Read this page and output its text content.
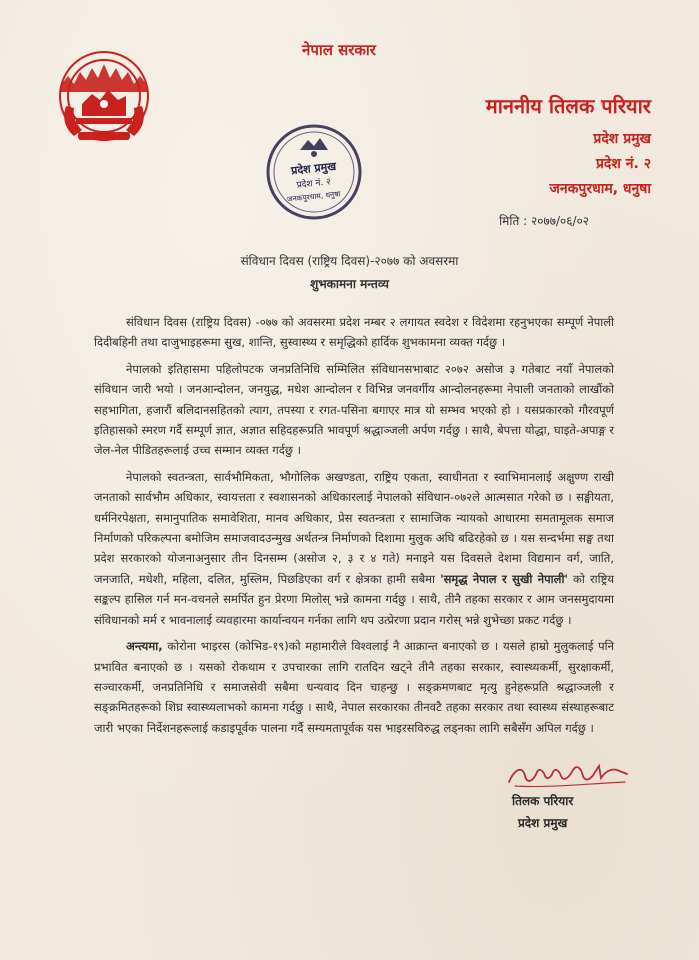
नेपाल सरकार
माननीय तिलक परियार
प्रदेश प्रमुख
प्रदेश नं. २
जनकपुरधाम, धनुषा
प्रदेश प्रमुख
प्रदेश नं. २
जनकपुरधाम, धनुषा
मिति : २०७७/०६/०२
संविधान दिवस (राष्ट्रिय दिवस)-२०७७ को अवसरमा
शुभकामना मन्तव्य

संविधान दिवस (राष्ट्रिय दिवस) -०७७ को अवसरमा प्रदेश नम्बर २ लगायत स्वदेश र विदेशमा रहनुभएका सम्पूर्ण नेपाली दिदीबहिनी तथा दाजुभाइहरूमा सुख, शान्ति, सुस्वास्थ्य र समृद्धिको हार्दिक शुभकामना व्यक्त गर्दछु ।

नेपालको इतिहासमा पहिलोपटक जनप्रतिनिधि सम्मिलित संविधानसभाबाट २०७२ असोज ३ गतेबाट नयाँ नेपालको संविधान जारी भयो । जनआन्दोलन, जनयुद्ध, मधेश आन्दोलन र विभिन्न जनवर्गीय आन्दोलनहरूमा नेपाली जनताको लाखौंको सहभागिता, हजारौं बलिदानसहितको त्याग, तपस्या र रगत-पसिना बगाएर मात्र यो सम्भव भएको हो । यसप्रकारको गौरवपूर्ण इतिहासको स्मरण गर्दै सम्पूर्ण ज्ञात, अज्ञात सहिदहरूप्रति भावपूर्ण श्रद्धाञ्जली अर्पण गर्दछु । साथै, बेपत्ता योद्धा, घाइते-अपाङ्ग र जेल-नेल पीडितहरूलाई उच्च सम्मान व्यक्त गर्दछु ।

नेपालको स्वतन्त्रता, सार्वभौमिकता, भौगोलिक अखण्डता, राष्ट्रिय एकता, स्वाधीनता र स्वाभिमानलाई अक्षुण्ण राखी जनताको सार्वभौम अधिकार, स्वायत्तता र स्वशासनको अधिकारलाई नेपालको संविधान-०७२ले आत्मसात गरेको छ । सङ्घीयता, धर्मनिरपेक्षता, समानुपातिक समावेशिता, मानव अधिकार, प्रेस स्वतन्त्रता र सामाजिक न्यायको आधारमा समतामूलक समाज निर्माणको परिकल्पना बमोजिम समाजवादउन्मुख अर्थतन्त्र निर्माणको दिशामा मुलुक अघि बढिरहेको छ । यस सन्दर्भमा सङ्घ तथा प्रदेश सरकारको योजनाअनुसार तीन दिनसम्म (असोज २, ३ र ४ गते) मनाइने यस दिवसले देशमा विद्यमान वर्ग, जाति, जनजाति, मधेशी, महिला, दलित, मुस्लिम, पिछडिएका वर्ग र क्षेत्रका हामी सबैमा 'समृद्ध नेपाल र सुखी नेपाली' को राष्ट्रिय सङ्कल्प हासिल गर्न मन-वचनले समर्पित हुन प्रेरणा मिलोस् भन्ने कामना गर्दछु । साथै, तीनै तहका सरकार र आम जनसमुदायमा संविधानको मर्म र भावनालाई व्यवहारमा कार्यान्वयन गर्नका लागि थप उत्प्रेरणा प्रदान गरोस् भन्ने शुभेच्छा प्रकट गर्दछु ।

अन्त्यमा, कोरोना भाइरस (कोभिड-१९)को महामारीले विश्वलाई नै आक्रान्त बनाएको छ । यसले हाम्रो मुलुकलाई पनि प्रभावित बनाएको छ । यसको रोकथाम र उपचारका लागि रातदिन खट्ने तीनै तहका सरकार, स्वास्थ्यकर्मी, सुरक्षाकर्मी, सञ्चारकर्मी, जनप्रतिनिधि र समाजसेवी सबैमा धन्यवाद दिन चाहन्छु । सङ्क्रमणबाट मृत्यु हुनेहरूप्रति श्रद्धाञ्जली र सङ्क्रमितहरूको शिघ्र स्वास्थ्यलाभको कामना गर्दछु । साथै, नेपाल सरकारका तीनवटै तहका सरकार तथा स्वास्थ्य संस्थाहरूबाट जारी भएका निर्देशनहरूलाई कडाइपूर्वक पालना गर्दै सम्यमतापूर्वक यस भाइरसविरुद्ध लड्नका लागि सबैसँग अपिल गर्दछु ।

तिलक परियार
प्रदेश प्रमुख
